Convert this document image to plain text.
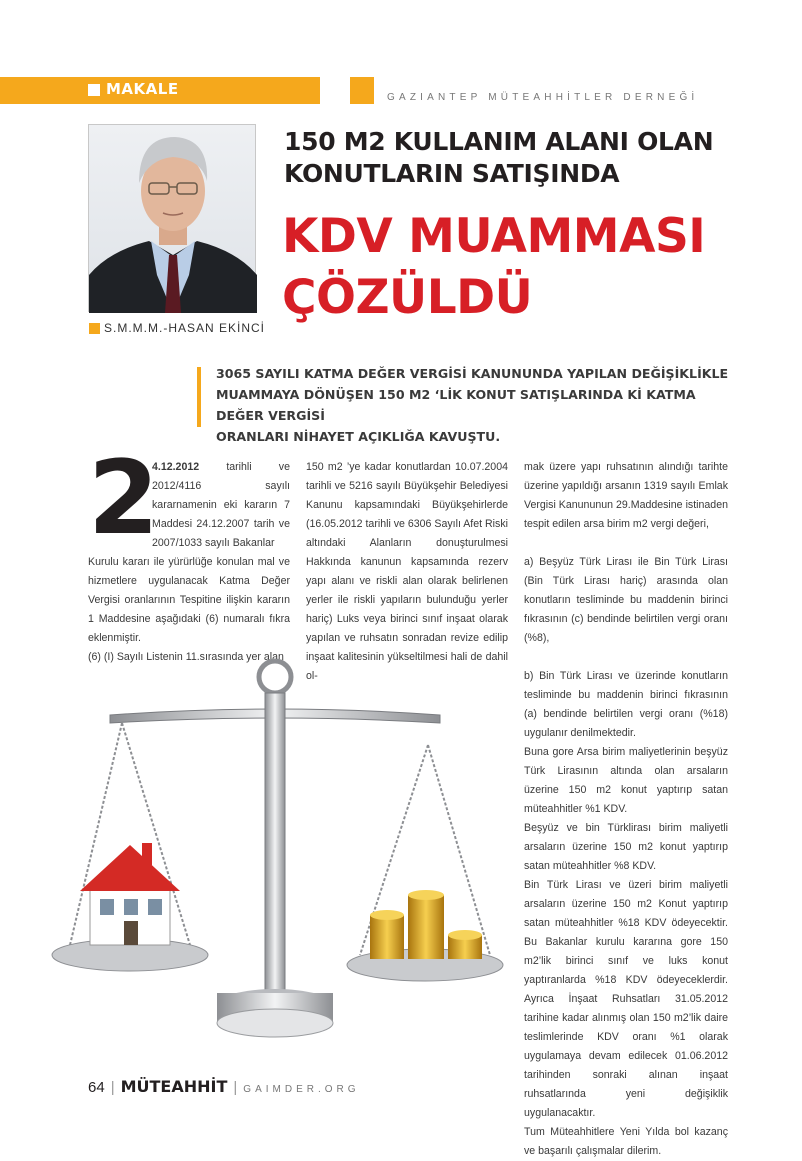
MAKALE	GAZIANTEP MÜTEAHHİTLER DERNEĞİ
S.M.M.M.-HASAN EKİNCİ
150 M2 KULLANIM ALANI OLAN
KONUTLARIN SATIŞINDA
KDV MUAMMASI
ÇÖZÜLDÜ
3065 SAYILI KATMA DEĞER VERGİSİ KANUNUNDA YAPILAN DEĞİŞİKLİKLE
MUAMMAYA DÖNÜŞEN 150 M2 ‘LİK KONUT SATIŞLARINDA Kİ KATMA DEĞER VERGİSİ
ORANLARI NİHAYET AÇIKLIĞA KAVUŞTU.
2

4.12.2012	tarihli ve 2012/4116 sayılı kararnamenin eki kararın 7 Maddesi 24.12.2007 tarih ve 2007/1033 sayılı Bakanlar

Kurulu kararı ile yürürlüğe konulan mal ve hizmetlere uygulanacak Katma Değer Vergisi oranlarının Tespitine ilişkin kararın 1 Maddesine aşağıdaki (6) numaralı fıkra eklenmiştir.

(6) (I) Sayılı Listenin 11.sırasında yer alan

150 m2 ’ye kadar konutlardan 10.07.2004 tarihli ve 5216 sayılı Büyükşehir Belediyesi Kanunu kapsamındaki Büyükşehirlerde (16.05.2012 tarihli ve 6306 Sayılı Afet Riski altındaki Alanların donuşturulmesi Hakkında kanunun kapsamında rezerv yapı alanı ve riskli alan olarak belirlenen yerler ile riskli yapıların bulunduğu yerler hariç) Luks veya birinci sınıf inşaat olarak yapılan ve ruhsatın sonradan revize edilip inşaat kalitesinin yükseltilmesi hali de dahil ol-

mak üzere yapı ruhsatının alındığı tarihte üzerine yapıldığı arsanın 1319 sayılı Emlak Vergisi Kanununun 29.Maddesine istinaden tespit edilen arsa birim m2 vergi değeri,

a) Beşyüz Türk Lirası ile Bin Türk Lirası (Bin Türk Lirası hariç) arasında olan konutların tesliminde bu maddenin birinci fıkrasının (c) bendinde belirtilen vergi oranı (%8),

b) Bin Türk Lirası ve üzerinde konutların tesliminde bu maddenin birinci fıkrasının (a) bendinde belirtilen vergi oranı (%18) uygulanır denilmektedir.

Buna gore Arsa birim maliyetlerinin beşyüz Türk Lirasının altında olan arsaların üzerine 150 m2 konut yaptırıp satan müteahhitler %1 KDV.

Beşyüz ve bin Türklirası birim maliyetli arsaların üzerine 150 m2 konut yaptırıp satan müteahhitler %8 KDV.

Bin Türk Lirası ve üzeri birim maliyetli arsaların üzerine 150 m2 Konut yaptırıp satan müteahhitler %18 KDV ödeyecektir. Bu Bakanlar kurulu kararına gore 150 m2’lik birinci sınıf ve luks konut yaptıranlarda %18 KDV ödeyeceklerdir. Ayrıca İnşaat Ruhsatları 31.05.2012 tarihine kadar alınmış olan 150 m2’lik daire teslimlerinde KDV oranı %1 olarak uygulamaya devam edilecek 01.06.2012 tarihinden sonraki alınan inşaat ruhsatlarında yeni değişiklik uygulanacaktır.

Tum Müteahhitlere Yeni Yılda bol kazanç ve başarılı çalışmalar dilerim.

64 | MÜTEAHHİT | GAIMDER.ORG
